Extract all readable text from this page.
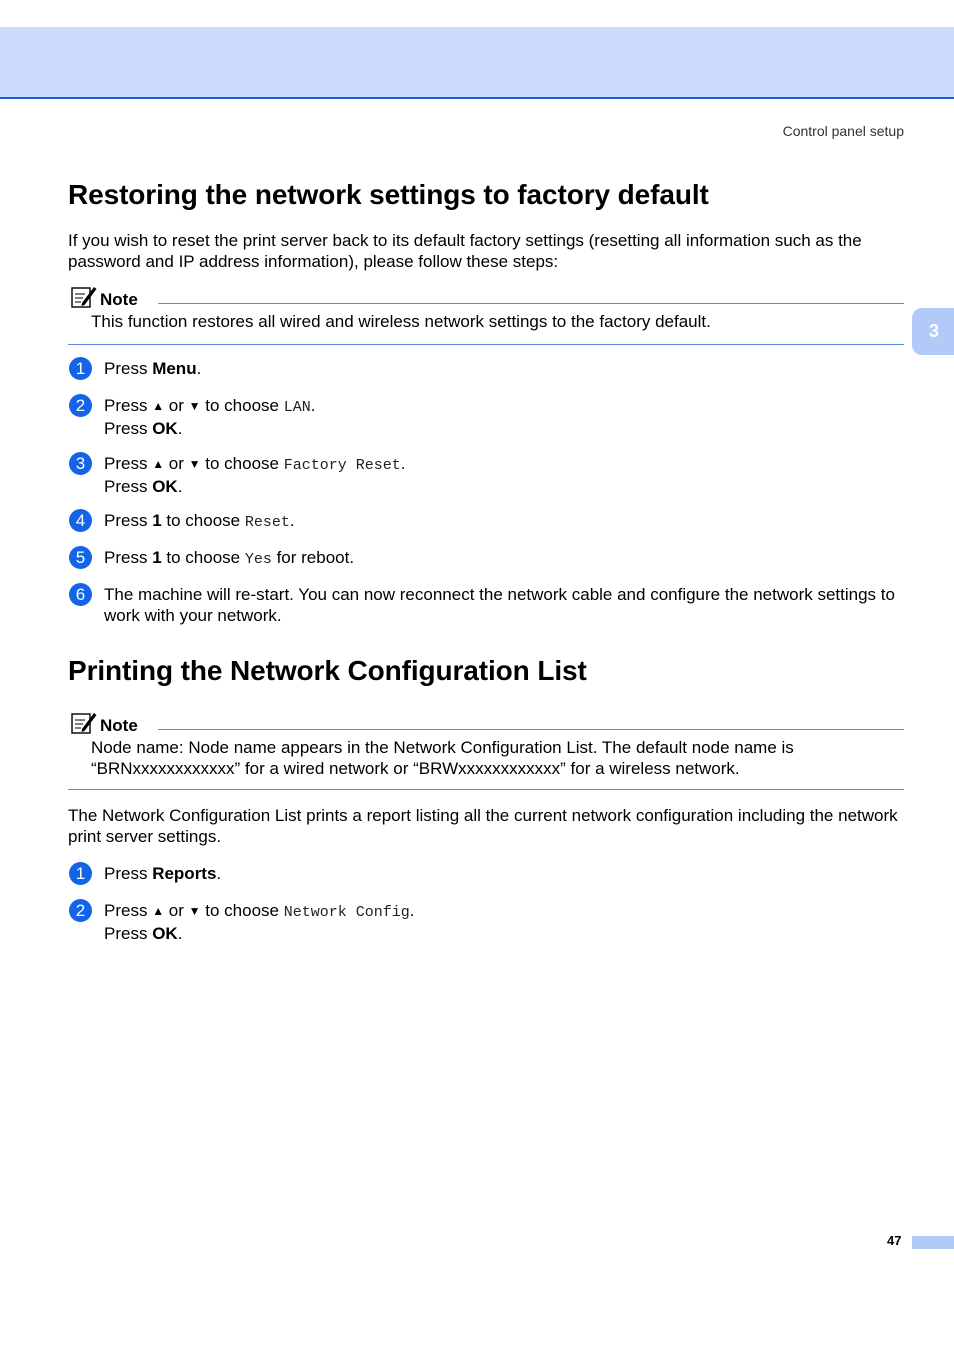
Control panel setup
3
Restoring the network settings to factory default

If you wish to reset the print server back to its default factory settings (resetting all information such as the password and IP address information), please follow these steps:

Note
This function restores all wired and wireless network settings to the factory default.
1	Press Menu.
2	Press ▲ or ▼ to choose LAN.
Press OK.
3	Press ▲ or ▼ to choose Factory Reset.
Press OK.
4	Press 1 to choose Reset.
5	Press 1 to choose Yes for reboot.
6	The machine will re-start. You can now reconnect the network cable and configure the network settings to work with your network.
Printing the Network Configuration List
Note
Node name: Node name appears in the Network Configuration List. The default node name is “BRNxxxxxxxxxxxx” for a wired network or “BRWxxxxxxxxxxxx” for a wireless network.

The Network Configuration List prints a report listing all the current network configuration including the network print server settings.

1	Press Reports.
2	Press ▲ or ▼ to choose Network Config.
Press OK.
47
